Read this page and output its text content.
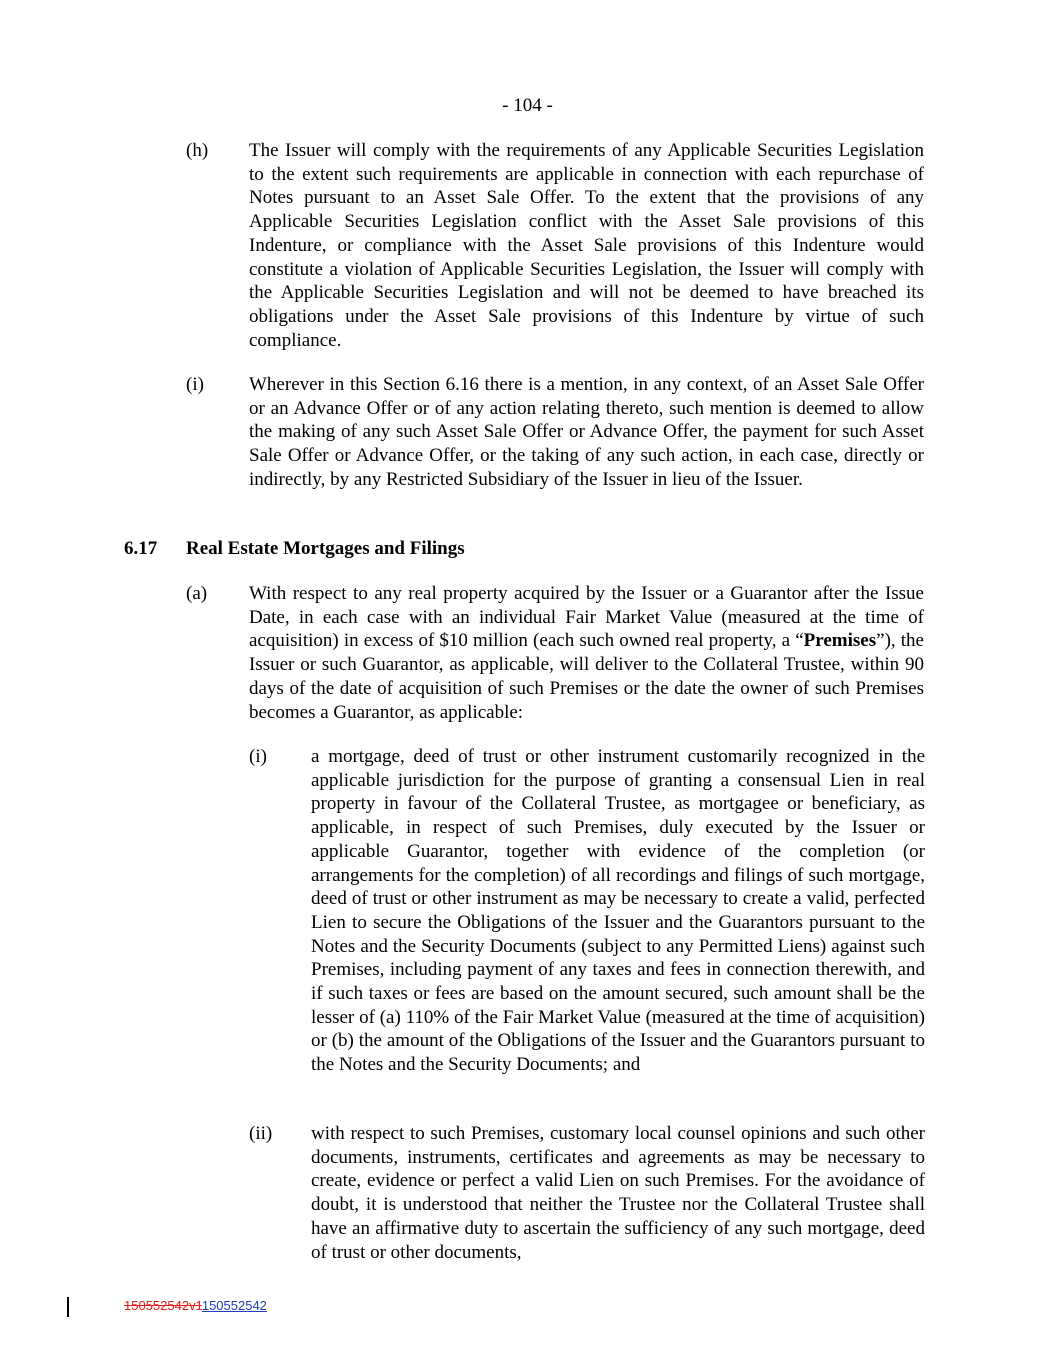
- 104 -
(h) The Issuer will comply with the requirements of any Applicable Securities Legislation to the extent such requirements are applicable in connection with each repurchase of Notes pursuant to an Asset Sale Offer. To the extent that the provisions of any Applicable Securities Legislation conflict with the Asset Sale provisions of this Indenture, or compliance with the Asset Sale provisions of this Indenture would constitute a violation of Applicable Securities Legislation, the Issuer will comply with the Applicable Securities Legislation and will not be deemed to have breached its obligations under the Asset Sale provisions of this Indenture by virtue of such compliance.
(i) Wherever in this Section 6.16 there is a mention, in any context, of an Asset Sale Offer or an Advance Offer or of any action relating thereto, such mention is deemed to allow the making of any such Asset Sale Offer or Advance Offer, the payment for such Asset Sale Offer or Advance Offer, or the taking of any such action, in each case, directly or indirectly, by any Restricted Subsidiary of the Issuer in lieu of the Issuer.
6.17 Real Estate Mortgages and Filings
(a) With respect to any real property acquired by the Issuer or a Guarantor after the Issue Date, in each case with an individual Fair Market Value (measured at the time of acquisition) in excess of $10 million (each such owned real property, a “Premises”), the Issuer or such Guarantor, as applicable, will deliver to the Collateral Trustee, within 90 days of the date of acquisition of such Premises or the date the owner of such Premises becomes a Guarantor, as applicable:
(i) a mortgage, deed of trust or other instrument customarily recognized in the applicable jurisdiction for the purpose of granting a consensual Lien in real property in favour of the Collateral Trustee, as mortgagee or beneficiary, as applicable, in respect of such Premises, duly executed by the Issuer or applicable Guarantor, together with evidence of the completion (or arrangements for the completion) of all recordings and filings of such mortgage, deed of trust or other instrument as may be necessary to create a valid, perfected Lien to secure the Obligations of the Issuer and the Guarantors pursuant to the Notes and the Security Documents (subject to any Permitted Liens) against such Premises, including payment of any taxes and fees in connection therewith, and if such taxes or fees are based on the amount secured, such amount shall be the lesser of (a) 110% of the Fair Market Value (measured at the time of acquisition) or (b) the amount of the Obligations of the Issuer and the Guarantors pursuant to the Notes and the Security Documents; and
(ii) with respect to such Premises, customary local counsel opinions and such other documents, instruments, certificates and agreements as may be necessary to create, evidence or perfect a valid Lien on such Premises. For the avoidance of doubt, it is understood that neither the Trustee nor the Collateral Trustee shall have an affirmative duty to ascertain the sufficiency of any such mortgage, deed of trust or other documents,
150552542v1150552542
